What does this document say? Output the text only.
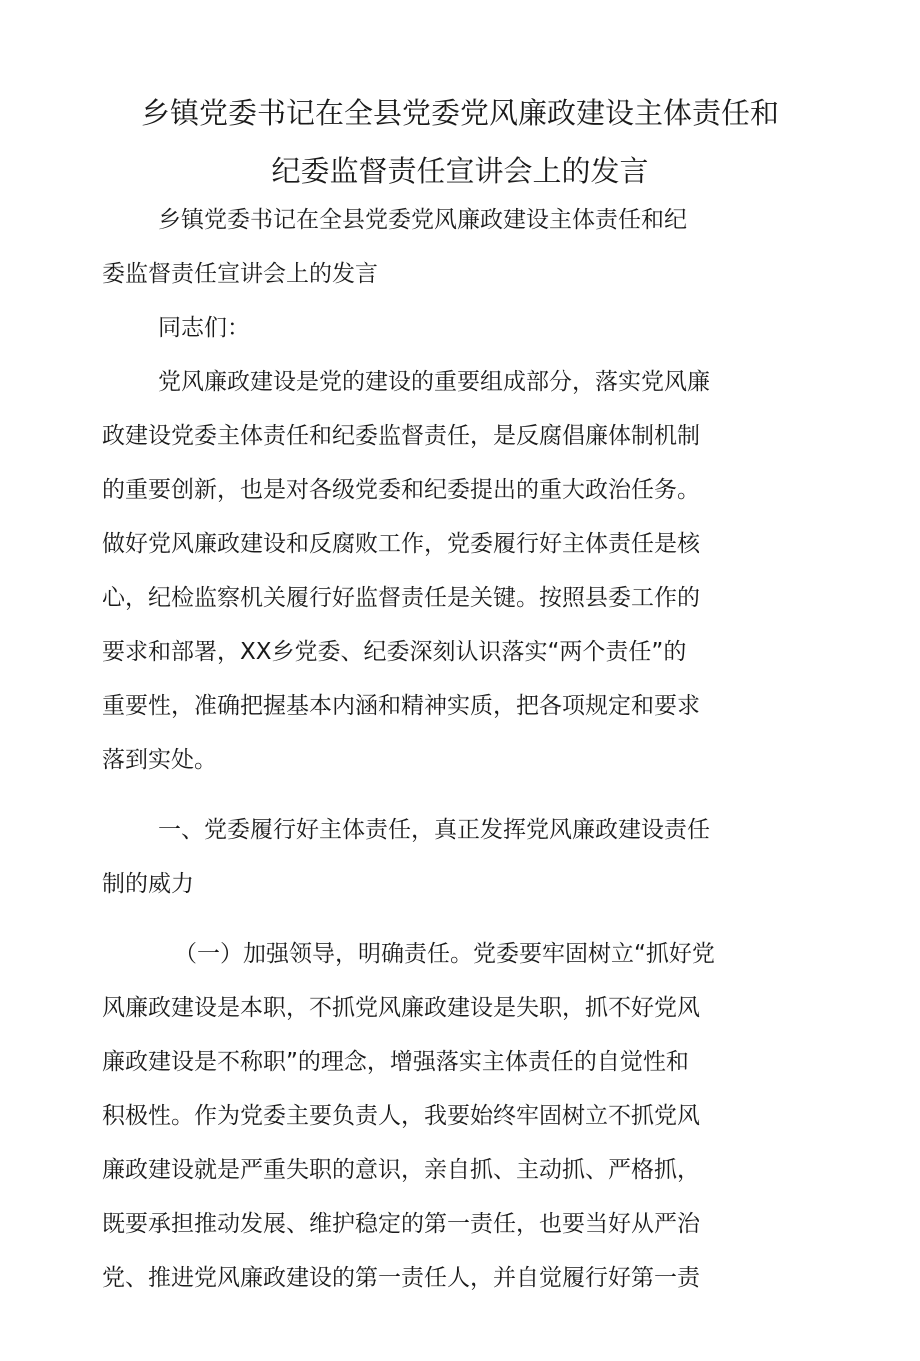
乡镇党委书记在全县党委党风廉政建设主体责任和
纪委监督责任宣讲会上的发言

乡镇党委书记在全县党委党风廉政建设主体责任和纪

委监督责任宣讲会上的发言

同志们：

党风廉政建设是党的建设的重要组成部分，落实党风廉

政建设党委主体责任和纪委监督责任，是反腐倡廉体制机制

的重要创新，也是对各级党委和纪委提出的重大政治任务。

做好党风廉政建设和反腐败工作，党委履行好主体责任是核

心，纪检监察机关履行好监督责任是关键。按照县委工作的

要求和部署，XX乡党委、纪委深刻认识落实“两个责任”的

重要性，准确把握基本内涵和精神实质，把各项规定和要求

落到实处。

一、党委履行好主体责任，真正发挥党风廉政建设责任

制的威力

（一）加强领导，明确责任。党委要牢固树立“抓好党

风廉政建设是本职，不抓党风廉政建设是失职，抓不好党风

廉政建设是不称职”的理念，增强落实主体责任的自觉性和

积极性。作为党委主要负责人，我要始终牢固树立不抓党风

廉政建设就是严重失职的意识，亲自抓、主动抓、严格抓，

既要承担推动发展、维护稳定的第一责任，也要当好从严治

党、推进党风廉政建设的第一责任人，并自觉履行好第一责
